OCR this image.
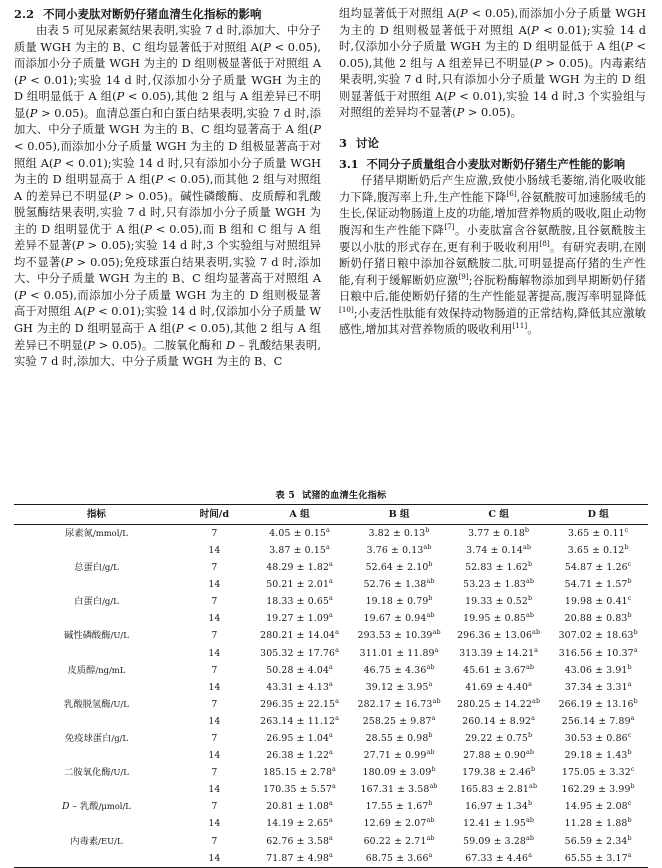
2.2 不同小麦肽对断奶仔猪血清生化指标的影响

由表 5 可见尿素氮结果表明,实验 7 d 时,添加大、中分子质量 WGH 为主的 B、C 组均显著低于对照组 A(P < 0.05),而添加小分子质量 WGH 为主的 D 组则极显著低于对照组 A(P < 0.01);实验 14 d 时,仅添加小分子质量 WGH 为主的 D 组明显低于 A 组(P < 0.05),其他 2 组与 A 组差异已不明显(P > 0.05)。血清总蛋白和白蛋白结果表明,实验 7 d 时,添加大、中分子质量 WGH 为主的 B、C 组均显著高于 A 组(P < 0.05),而添加小分子质量 WGH 为主的 D 组极显著高于对照组 A(P < 0.01);实验 14 d 时,只有添加小分子质量 WGH 为主的 D 组明显高于 A 组(P < 0.05),而其他 2 组与对照组 A 的差异已不明显(P > 0.05)。碱性磷酸酶、皮质醇和乳酸脱氢酶结果表明,实验 7 d 时,只有添加小分子质量 WGH 为主的 D 组明显优于 A 组(P < 0.05),而 B 组和 C 组与 A 组差异不显著(P > 0.05);实验 14 d 时,3 个实验组与对照组异均不显著(P > 0.05);免疫球蛋白结果表明,实验 7 d 时,添加大、中分子质量 WGH 为主的 B、C 组均显著高于对照组 A(P < 0.05),而添加小分子质量 WGH 为主的 D 组则极显著高于对照组 A(P < 0.01);实验 14 d 时,仅添加小分子质量 WGH 为主的 D 组明显高于 A 组(P < 0.05),其他 2 组与 A 组差异已不明显(P > 0.05)。二胺氧化酶和 D – 乳酸结果表明,实验 7 d 时,添加大、中分子质量 WGH 为主的 B、C

组均显著低于对照组 A(P < 0.05),而添加小分子质量 WGH 为主的 D 组则极显著低于对照组 A(P < 0.01);实验 14 d 时,仅添加小分子质量 WGH 为主的 D 组明显低于 A 组(P < 0.05),其他 2 组与 A 组差异已不明显(P > 0.05)。内毒素结果表明,实验 7 d 时,只有添加小分子质量 WGH 为主的 D 组则显著低于对照组 A(P < 0.01),实验 14 d 时,3 个实验组与对照组的差异均不显著(P > 0.05)。

3 讨论
3.1 不同分子质量组合小麦肽对断奶仔猪生产性能的影响

仔猪早期断奶后产生应激,致使小肠绒毛萎缩,消化吸收能力下降,腹泻率上升,生产性能下降[6],谷氨酰胺可加速肠绒毛的生长,保证动物肠道上皮的功能,增加营养物质的吸收,阻止动物腹泻和生产性能下降[7]。小麦肽富含谷氨酰胺,且谷氨酰胺主要以小肽的形式存在,更有利于吸收利用[8]。有研究表明,在刚断奶仔猪日粮中添加谷氨酰胺二肽,可明显提高仔猪的生产性能,有利于缓解断奶应激[9];谷朊粉酶解物添加到早期断奶仔猪日粮中后,能使断奶仔猪的生产性能显著提高,腹泻率明显降低[10];小麦活性肽能有效保持动物肠道的正常结构,降低其应激敏感性,增加其对营养物质的吸收利用[11]。

表 5 试猪的血清生化指标
指标	时间/d	A 组	B 组	C 组	D 组
尿素氮/mmol/L	7	4.05 ± 0.15$^a$	3.82 ± 0.13$^b$	3.77 ± 0.18$^b$	3.65 ± 0.11$^c$
	14	3.87 ± 0.15$^a$	3.76 ± 0.13$^{ab}$	3.74 ± 0.14$^{ab}$	3.65 ± 0.12$^b$
总蛋白/g/L	7	48.29 ± 1.82$^a$	52.64 ± 2.10$^b$	52.83 ± 1.62$^b$	54.87 ± 1.26$^c$
	14	50.21 ± 2.01$^a$	52.76 ± 1.38$^{ab}$	53.23 ± 1.83$^{ab}$	54.71 ± 1.57$^b$
白蛋白/g/L	7	18.33 ± 0.65$^a$	19.18 ± 0.79$^b$	19.33 ± 0.52$^b$	19.98 ± 0.41$^c$
	14	19.27 ± 1.09$^a$	19.67 ± 0.94$^{ab}$	19.95 ± 0.85$^{ab}$	20.88 ± 0.83$^b$
碱性磷酸酶/U/L	7	280.21 ± 14.04$^a$	293.53 ± 10.39$^{ab}$	296.36 ± 13.06$^{ab}$	307.02 ± 18.63$^b$
	14	305.32 ± 17.76$^a$	311.01 ± 11.89$^a$	313.39 ± 14.21$^a$	316.56 ± 10.37$^a$
皮质醇/ng/mL	7	50.28 ± 4.04$^a$	46.75 ± 4.36$^{ab}$	45.61 ± 3.67$^{ab}$	43.06 ± 3.91$^b$
	14	43.31 ± 4.13$^a$	39.12 ± 3.95$^a$	41.69 ± 4.40$^a$	37.34 ± 3.31$^a$
乳酸脱氢酶/U/L	7	296.35 ± 22.15$^a$	282.17 ± 16.73$^{ab}$	280.25 ± 14.22$^{ab}$	266.19 ± 13.16$^b$
	14	263.14 ± 11.12$^a$	258.25 ± 9.87$^a$	260.14 ± 8.92$^a$	256.14 ± 7.89$^a$
免疫球蛋白/g/L	7	26.95 ± 1.04$^a$	28.55 ± 0.98$^b$	29.22 ± 0.75$^b$	30.53 ± 0.86$^c$
	14	26.38 ± 1.22$^a$	27.71 ± 0.99$^{ab}$	27.88 ± 0.90$^{ab}$	29.18 ± 1.43$^b$
二胺氧化酶/U/L	7	185.15 ± 2.78$^a$	180.09 ± 3.09$^b$	179.38 ± 2.46$^b$	175.05 ± 3.32$^c$
	14	170.35 ± 5.57$^a$	167.31 ± 3.58$^{ab}$	165.83 ± 2.81$^{ab}$	162.29 ± 3.99$^b$
D – 乳酸/μmol/L	7	20.81 ± 1.08$^a$	17.55 ± 1.67$^b$	16.97 ± 1.34$^b$	14.95 ± 2.08$^c$
	14	14.19 ± 2.65$^a$	12.69 ± 2.07$^{ab}$	12.41 ± 1.95$^{ab}$	11.28 ± 1.88$^b$
内毒素/EU/L	7	62.76 ± 3.58$^a$	60.22 ± 2.71$^{ab}$	59.09 ± 3.28$^{ab}$	56.59 ± 2.34$^b$
	14	71.87 ± 4.98$^a$	68.75 ± 3.66$^a$	67.33 ± 4.46$^a$	65.55 ± 3.17$^a$
